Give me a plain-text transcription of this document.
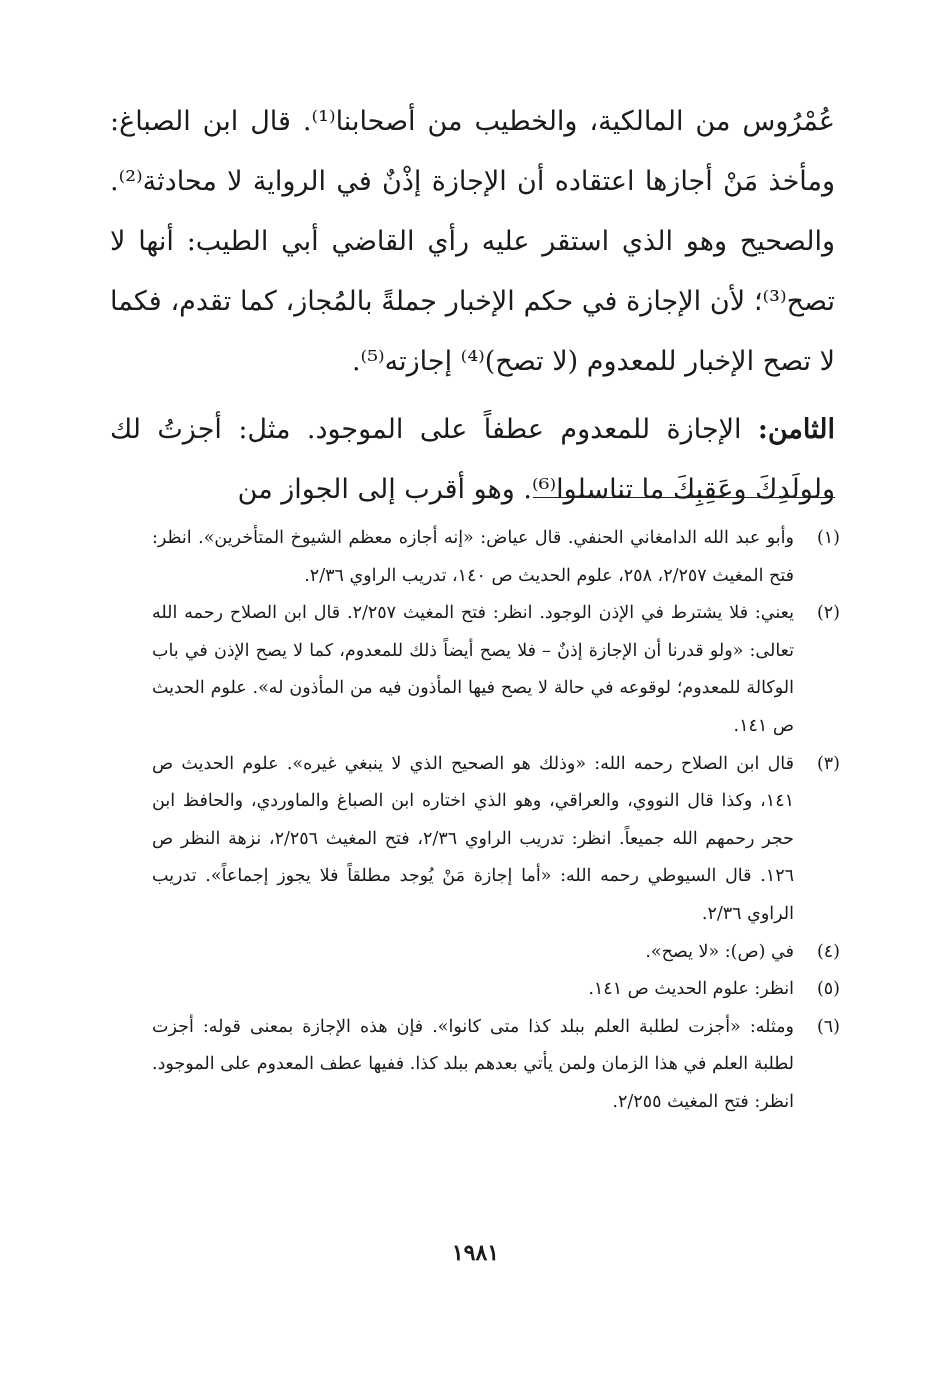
عُمْرُوس من المالكية، والخطيب من أصحابنا⁽¹⁾. قال ابن الصباغ: ومأخذ مَنْ أجازها اعتقاده أن الإجازة إذْنٌ في الرواية لا محادثة⁽²⁾. والصحيح وهو الذي استقر عليه رأي القاضي أبي الطيب: أنها لا تصح⁽³⁾؛ لأن الإجازة في حكم الإخبار جملةً بالمُجاز، كما تقدم، فكما لا تصح الإخبار للمعدوم (لا تصح)⁽⁴⁾ إجازته⁽⁵⁾.

الثامن: الإجازة للمعدوم عطفاً على الموجود. مثل: أجزتُ لك ولولَدِكَ وعَقِبِكَ ما تناسلوا⁽⁶⁾. وهو أقرب إلى الجواز من

(١)
وأبو عبد الله الدامغاني الحنفي. قال عياض: «إنه أجازه معظم الشيوخ المتأخرين». انظر: فتح المغيث ٢/٢٥٧، ٢٥٨، علوم الحديث ص ١٤٠، تدريب الراوي ٢/٣٦.
(٢)
يعني: فلا يشترط في الإذن الوجود. انظر: فتح المغيث ٢/٢٥٧. قال ابن الصلاح رحمه الله تعالى: «ولو قدرنا أن الإجازة إذنٌ – فلا يصح أيضاً ذلك للمعدوم، كما لا يصح الإذن في باب الوكالة للمعدوم؛ لوقوعه في حالة لا يصح فيها المأذون فيه من المأذون له». علوم الحديث ص ١٤١.
(٣)
قال ابن الصلاح رحمه الله: «وذلك هو الصحيح الذي لا ينبغي غيره». علوم الحديث ص ١٤١، وكذا قال النووي، والعراقي، وهو الذي اختاره ابن الصباغ والماوردي، والحافظ ابن حجر رحمهم الله جميعاً. انظر: تدريب الراوي ٢/٣٦، فتح المغيث ٢/٢٥٦، نزهة النظر ص ١٢٦. قال السيوطي رحمه الله: «أما إجازة مَنْ يُوجد مطلقاً فلا يجوز إجماعاً». تدريب الراوي ٢/٣٦.
(٤)
في (ص): «لا يصح».
(٥)
انظر: علوم الحديث ص ١٤١.
(٦)
ومثله: «أجزت لطلبة العلم ببلد كذا متى كانوا». فإن هذه الإجازة بمعنى قوله: أجزت لطلبة العلم في هذا الزمان ولمن يأتي بعدهم ببلد كذا. ففيها عطف المعدوم على الموجود. انظر: فتح المغيث ٢/٢٥٥.
١٩٨١
